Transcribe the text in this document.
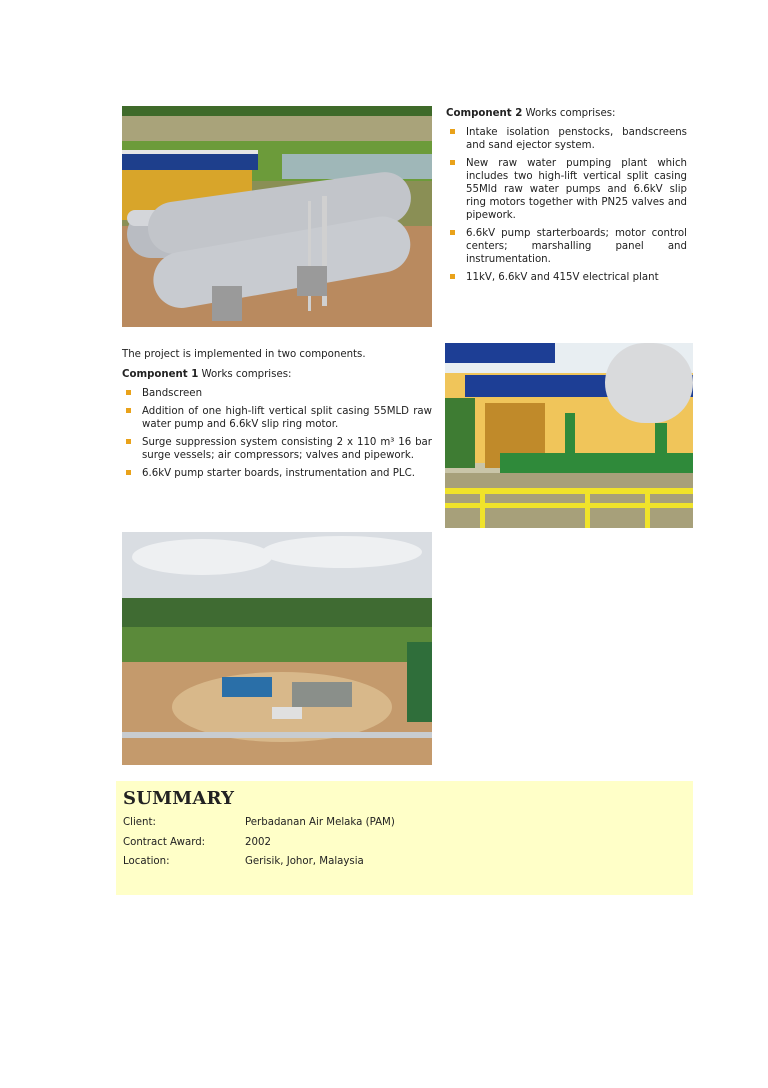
Component 2 Works comprises:

Intake isolation penstocks, bandscreens and sand ejector system.
New raw water pumping plant which includes two high-lift vertical split casing 55Mld raw water pumps and 6.6kV slip ring motors together with PN25 valves and pipework.
6.6kV pump starterboards; motor control centers; marshalling panel and instrumentation.
11kV, 6.6kV and 415V electrical plant

The project is implemented in two components.

Component 1 Works comprises:

Bandscreen
Addition of one high-lift vertical split casing 55MLD raw water pump and 6.6kV slip ring motor.
Surge suppression system consisting 2 x 110 m³ 16 bar surge vessels; air compressors; valves and pipework.
6.6kV pump starter boards, instrumentation and PLC.
SUMMARY
Client:	Perbadanan Air Melaka (PAM)
Contract Award:	2002
Location:	Gerisik, Johor, Malaysia
